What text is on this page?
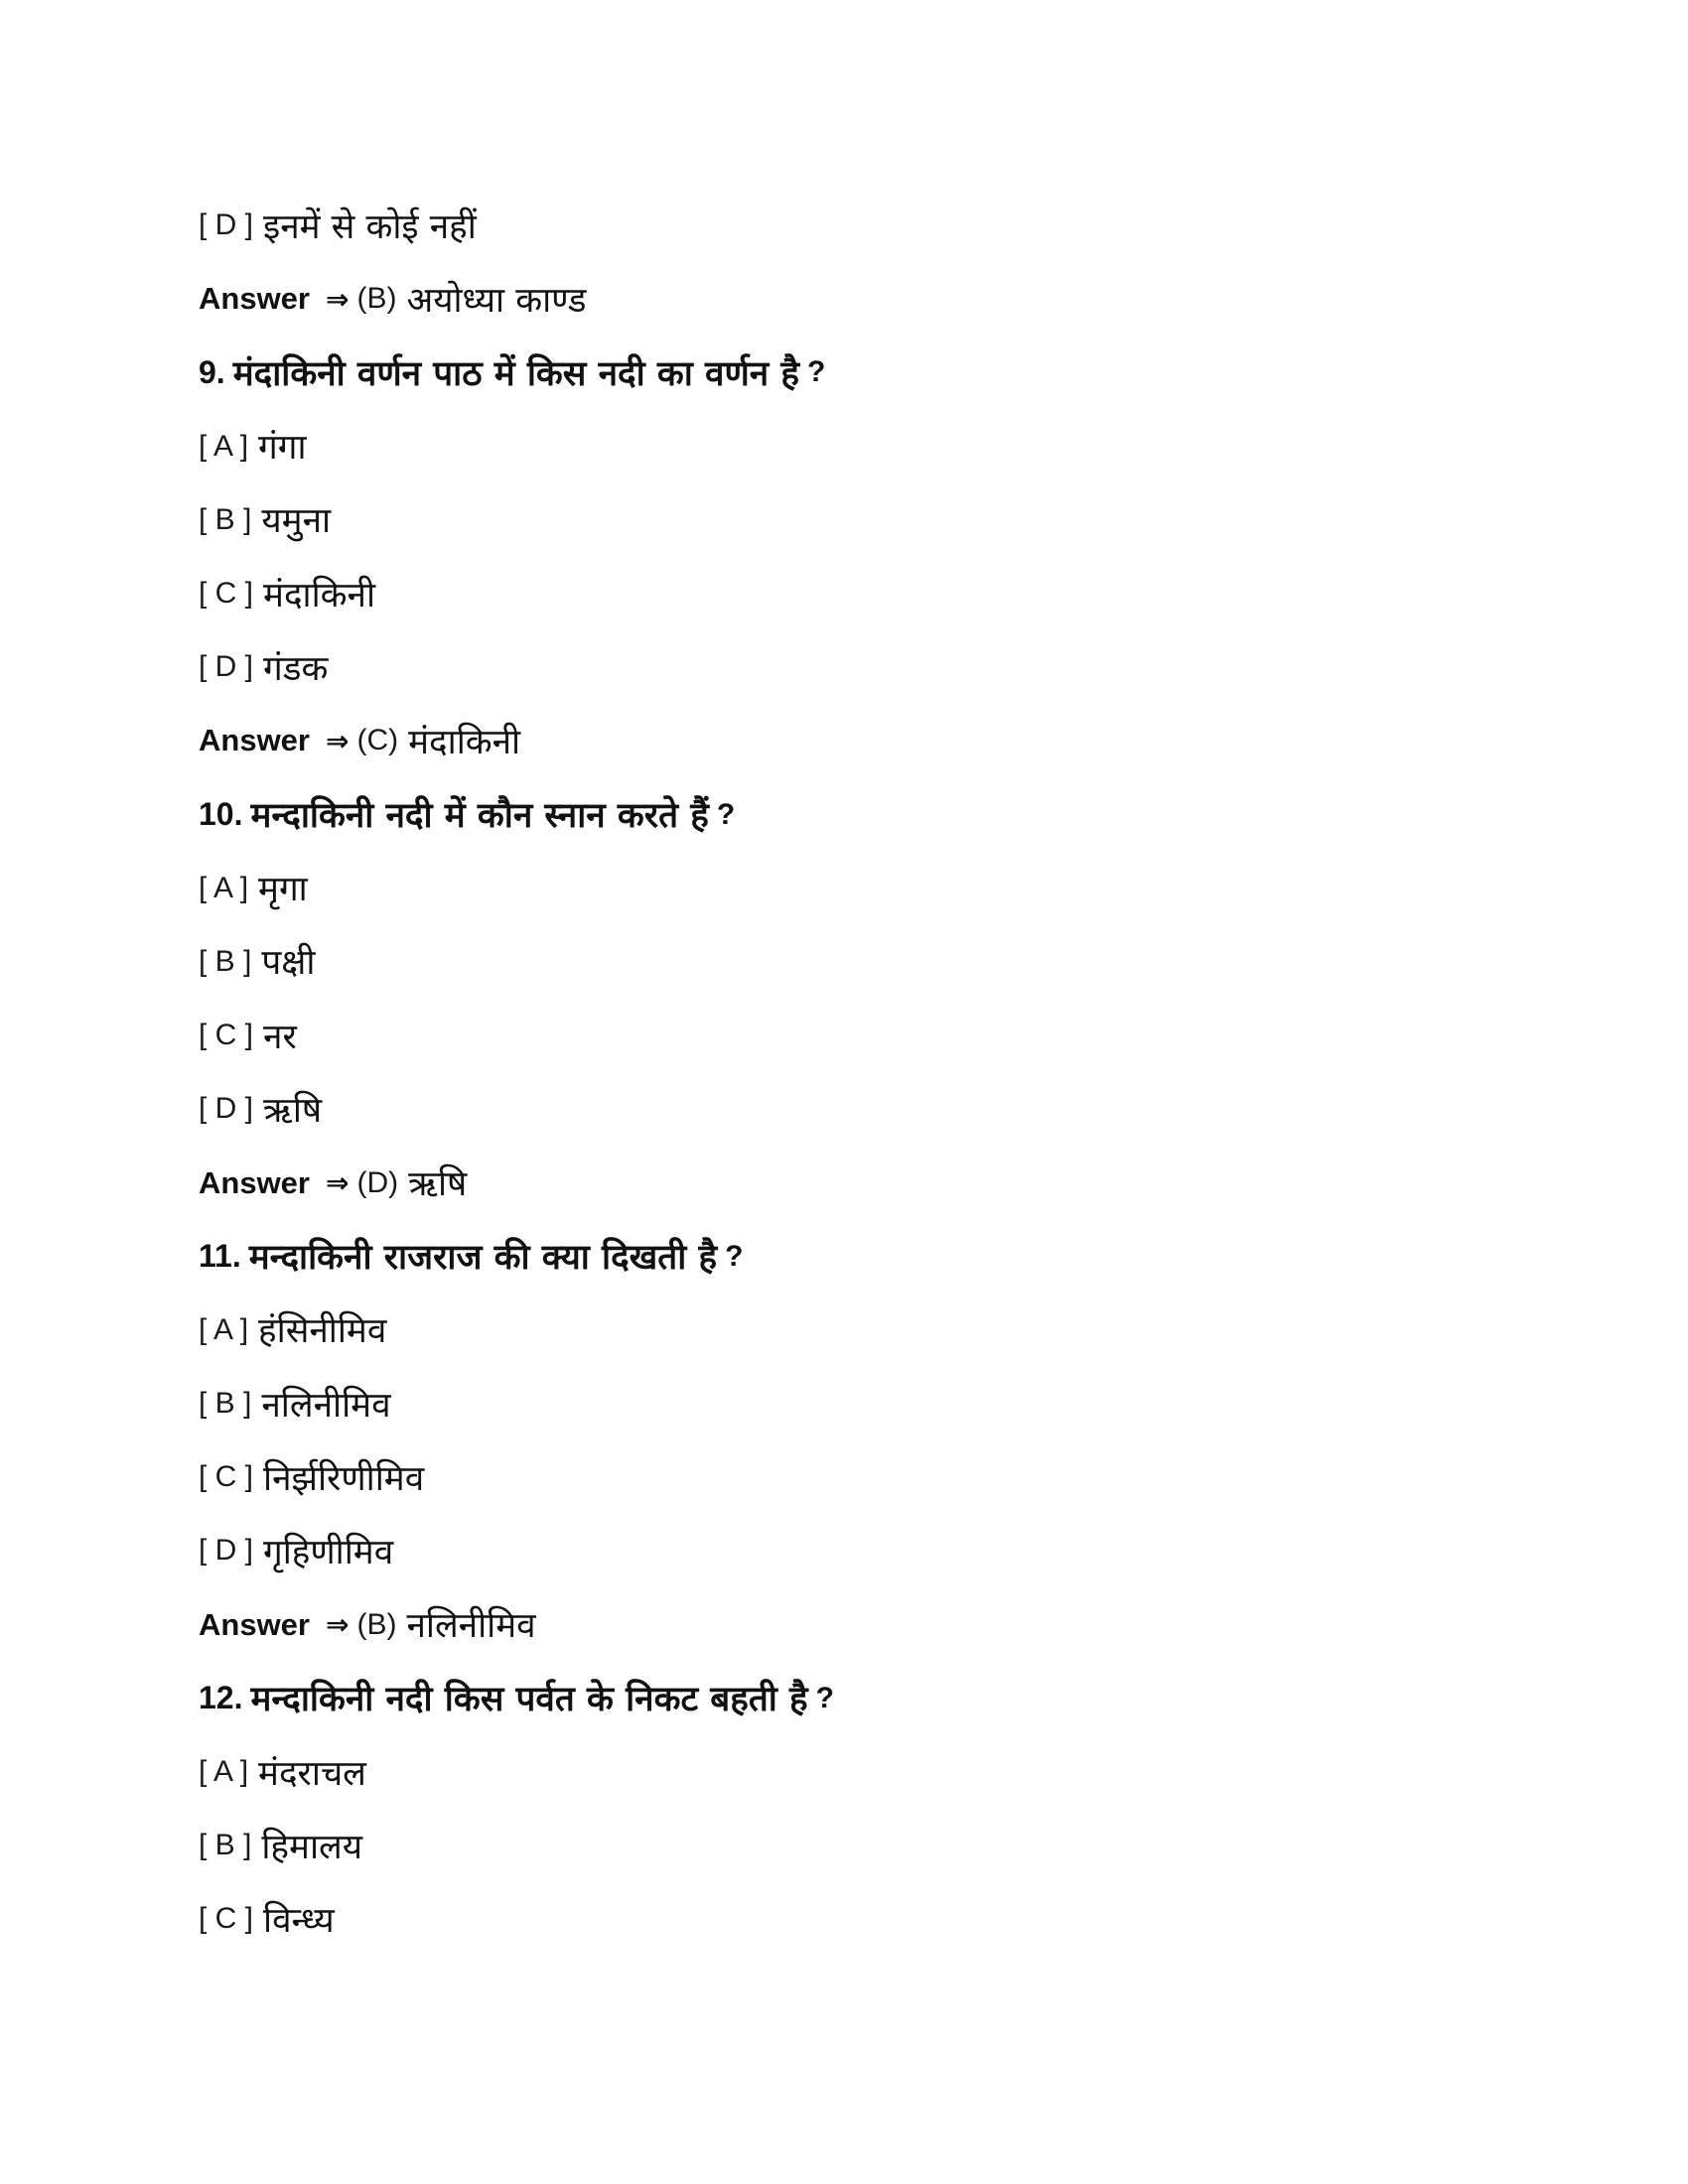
[ D ] इनमें से कोई नहीं
Answer ⇒ (B) अयोध्या काण्ड
9. मंदाकिनी वर्णन पाठ में किस नदी का वर्णन है ?
[ A ] गंगा
[ B ] यमुना
[ C ] मंदाकिनी
[ D ] गंडक
Answer ⇒ (C) मंदाकिनी
10. मन्दाकिनी नदी में कौन स्नान करते हैं ?
[ A ] मृगा
[ B ] पक्षी
[ C ] नर
[ D ] ऋषि
Answer ⇒ (D) ऋषि
11. मन्दाकिनी राजराज की क्या दिखती है ?
[ A ] हंसिनीमिव
[ B ] नलिनीमिव
[ C ] निर्झरिणीमिव
[ D ] गृहिणीमिव
Answer ⇒ (B) नलिनीमिव
12. मन्दाकिनी नदी किस पर्वत के निकट बहती है ?
[ A ] मंदराचल
[ B ] हिमालय
[ C ] विन्ध्य
